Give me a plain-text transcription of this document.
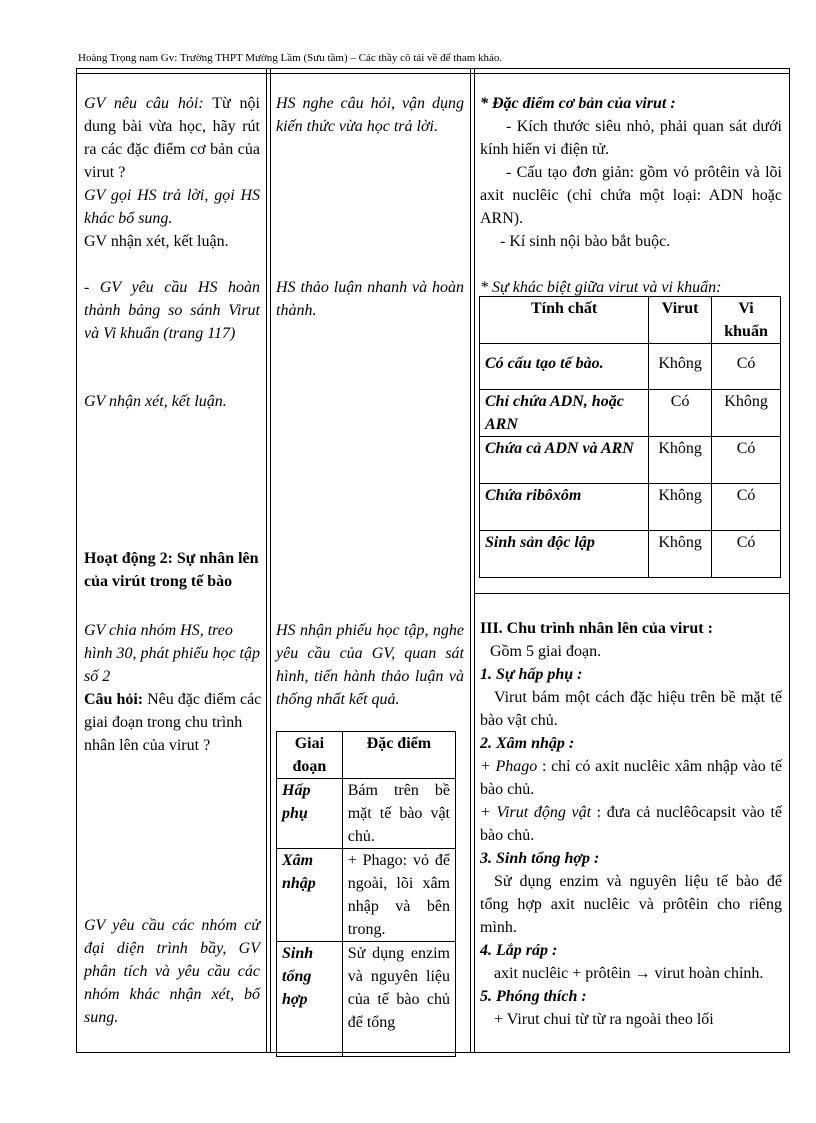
Hoàng Trọng nam Gv: Trường THPT Mường Lầm (Sưu tầm) – Các thầy cô tải về để tham khảo.

GV nêu câu hỏi: Từ nội dung bài vừa học, hãy rút ra các đặc điểm cơ bản của virut ?

GV gọi HS trả lời, gọi HS khác bổ sung.

GV nhận xét, kết luận.

- GV yêu cầu HS hoàn thành bảng so sánh Virut và Vi khuẩn (trang 117)
GV nhận xét, kết luận.
Hoạt động 2: Sự nhân lên của virút trong tế bào
GV chia nhóm HS, treo hình 30, phát phiếu học tập số 2
Câu hỏi: Nêu đặc điểm các giai đoạn trong chu trình nhân lên của virut ?
GV yêu cầu các nhóm cử đại diện trình bầy, GV phân tích và yêu cầu các nhóm khác nhận xét, bổ sung.
HS nghe câu hỏi, vận dụng kiến thức vừa học trả lời.
HS thảo luận nhanh và hoàn thành.
HS nhận phiếu học tập, nghe yêu cầu của GV, quan sát hình, tiến hành thảo luận và thống nhất kết quả.
Giai đoạn	Đặc điểm
Hấp phụ	Bám trên bề mặt tế bào vật chủ.
Xâm nhập	+ Phago: vỏ để ngoài, lõi xâm nhập và bên trong.
Sinh tổng hợp	Sử dụng enzim và nguyên liệu của tế bào chủ để tổng

* Đặc điểm cơ bản của virut :

- Kích thước siêu nhỏ, phải quan sát dưới kính hiển vi điện tử.

- Cấu tạo đơn giản: gồm vỏ prôtêin và lõi axit nuclêic (chỉ chứa một loại: ADN hoặc ARN).

- Kí sinh nội bào bắt buộc.

* Sự khác biệt giữa virut và vi khuẩn:
Tính chất	Virut	Vi khuẩn
Có cấu tạo tế bào.	Không	Có
Chỉ chứa ADN, hoặc ARN	Có	Không
Chứa cả ADN và ARN	Không	Có
Chứa ribôxôm	Không	Có
Sinh sản độc lập	Không	Có

III. Chu trình nhân lên của virut :

Gồm 5 giai đoạn.

1. Sự hấp phụ :

Virut bám một cách đặc hiệu trên bề mặt tế bào vật chủ.

2. Xâm nhập :

+ Phago : chỉ có axit nuclêic xâm nhập vào tế bào chủ.

+ Virut động vật : đưa cả nuclêôcapsit vào tế bào chủ.

3. Sinh tổng hợp :

Sử dụng enzim và nguyên liệu tế bào để tổng hợp axit nuclêic và prôtêin cho riêng mình.

4. Lắp ráp :

axit nuclêic + prôtêin → virut hoàn chỉnh.

5. Phóng thích :

+ Virut chui từ từ ra ngoài theo lối
